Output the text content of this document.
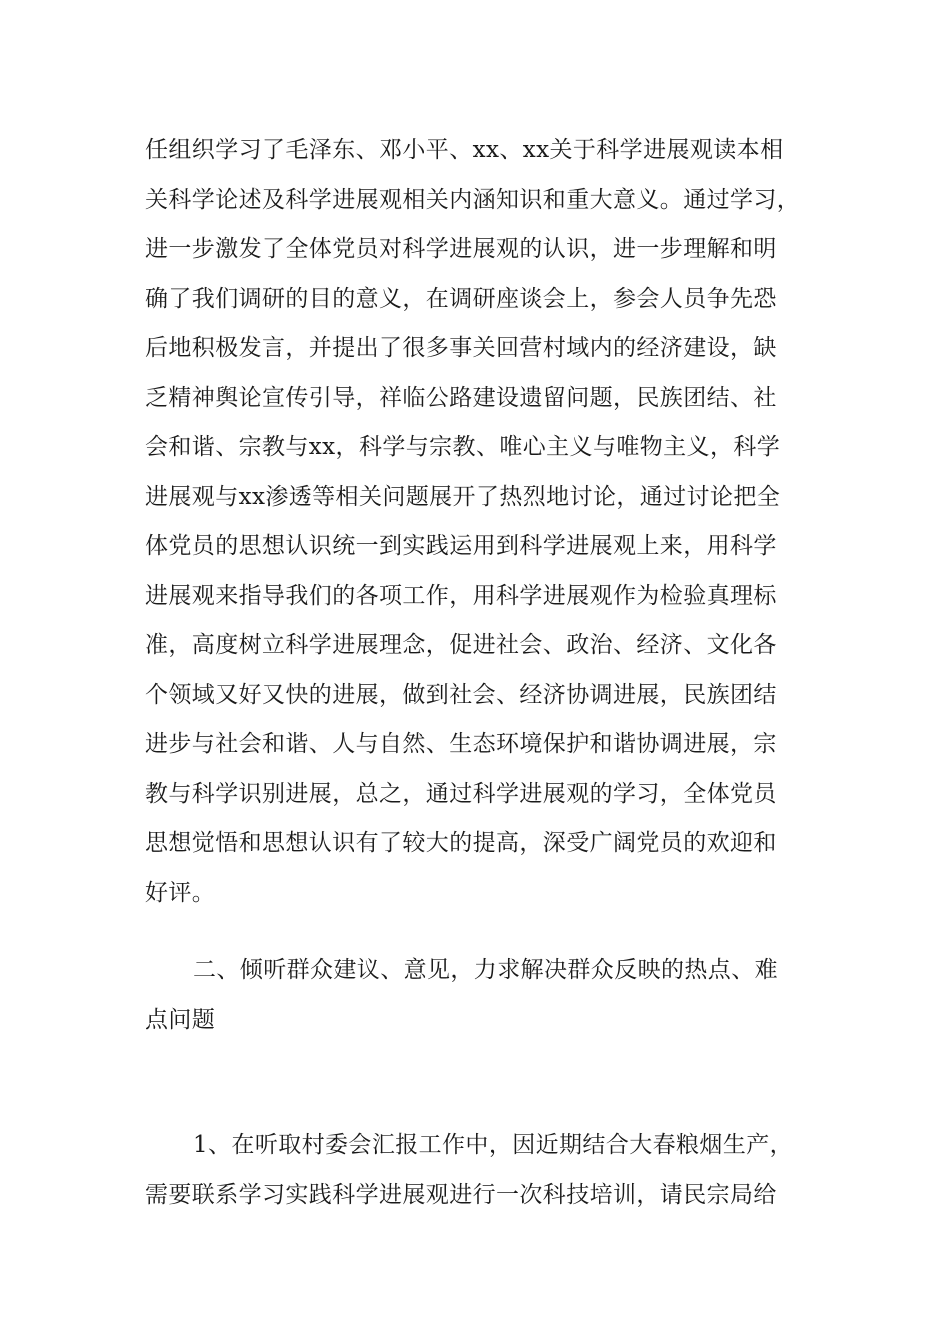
任组织学习了毛泽东、邓小平、xx、xx关于科学进展观读本相
关科学论述及科学进展观相关内涵知识和重大意义。通过学习，
进一步激发了全体党员对科学进展观的认识，进一步理解和明
确了我们调研的目的意义，在调研座谈会上，参会人员争先恐
后地积极发言，并提出了很多事关回营村域内的经济建设，缺
乏精神舆论宣传引导，祥临公路建设遗留问题，民族团结、社
会和谐、宗教与xx，科学与宗教、唯心主义与唯物主义，科学
进展观与xx渗透等相关问题展开了热烈地讨论，通过讨论把全
体党员的思想认识统一到实践运用到科学进展观上来，用科学
进展观来指导我们的各项工作，用科学进展观作为检验真理标
准，高度树立科学进展理念，促进社会、政治、经济、文化各
个领域又好又快的进展，做到社会、经济协调进展，民族团结
进步与社会和谐、人与自然、生态环境保护和谐协调进展，宗
教与科学识别进展，总之，通过科学进展观的学习，全体党员
思想觉悟和思想认识有了较大的提高，深受广阔党员的欢迎和
好评。
二、倾听群众建议、意见，力求解决群众反映的热点、难
点问题
1、在听取村委会汇报工作中，因近期结合大春粮烟生产，
需要联系学习实践科学进展观进行一次科技培训，请民宗局给
